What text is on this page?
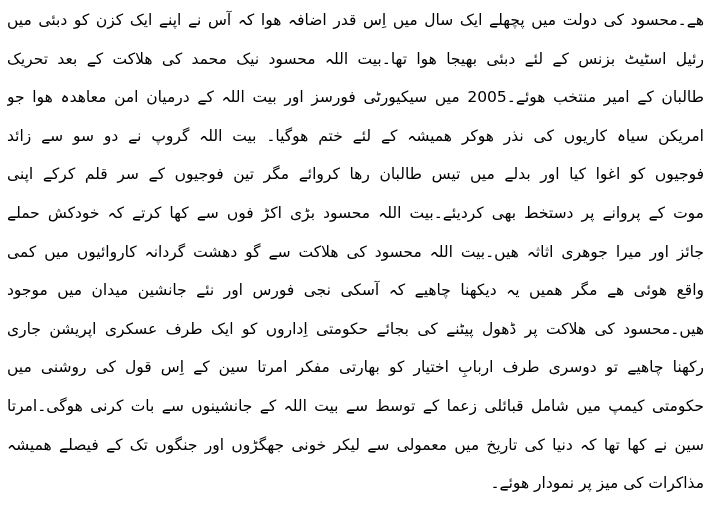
ھے۔محسود کی دولت میں پچھلے ایک سال میں اِس قدر اضافہ ھوا کہ آس نے اپنے ایک کزن کو دبئی میں
رئیل اسٹیٹ بزنس کے لئے دبئی بھیجا ھوا تھا۔بیت اللہ محسود نیک محمد کی ھلاکت کے بعد تحریک
طالبان کے امیر منتخب ھوئے۔2005 میں سیکیورٹی فورسز اور بیت اللہ کے درمیان امن معاھدہ ھوا جو
امریکن سیاہ کاریوں کی نذر ھوکر ھمیشہ کے لئے ختم ھوگیا۔ بیت اللہ گروپ نے دو سو سے زائد
فوجیوں کو اغوا کیا اور بدلے میں تیس طالبان رھا کروائے مگر تین فوجیوں کے سر قلم کرکے اپنی
موت کے پروانے پر دستخط بھی کردیئے۔بیت اللہ محسود بڑی اکڑ فوں سے کھا کرتے کہ خودکش حملے
جائز اور میرا جوھری اثاثہ ھیں۔بیت اللہ محسود کی ھلاکت سے گو دھشت گردانہ کاروائیوں میں کمی
واقع ھوئی ھے مگر ھمیں یہ دیکھنا چاھیے کہ آسکی نجی فورس اور نئے جانشین میدان میں موجود
ھیں۔محسود کی ھلاکت پر ڈھول پیٹنے کی بجائے حکومتی اِداروں کو ایک طرف عسکری اپریشن جاری
رکھنا چاھیے تو دوسری طرف اربابِ اختیار کو بھارتی مفکر امرتا سین کے اِس قول کی روشنی میں
حکومتی کیمپ میں شامل قبائلی زعما کے توسط سے بیت اللہ کے جانشینوں سے بات کرنی ھوگی۔امرتا
سین نے کھا تھا کہ دنیا کی تاریخ میں معمولی سے لیکر خونی جھگڑوں اور جنگوں تک کے فیصلے ھمیشہ
مذاکرات کی میز پر نمودار ھوئے۔
